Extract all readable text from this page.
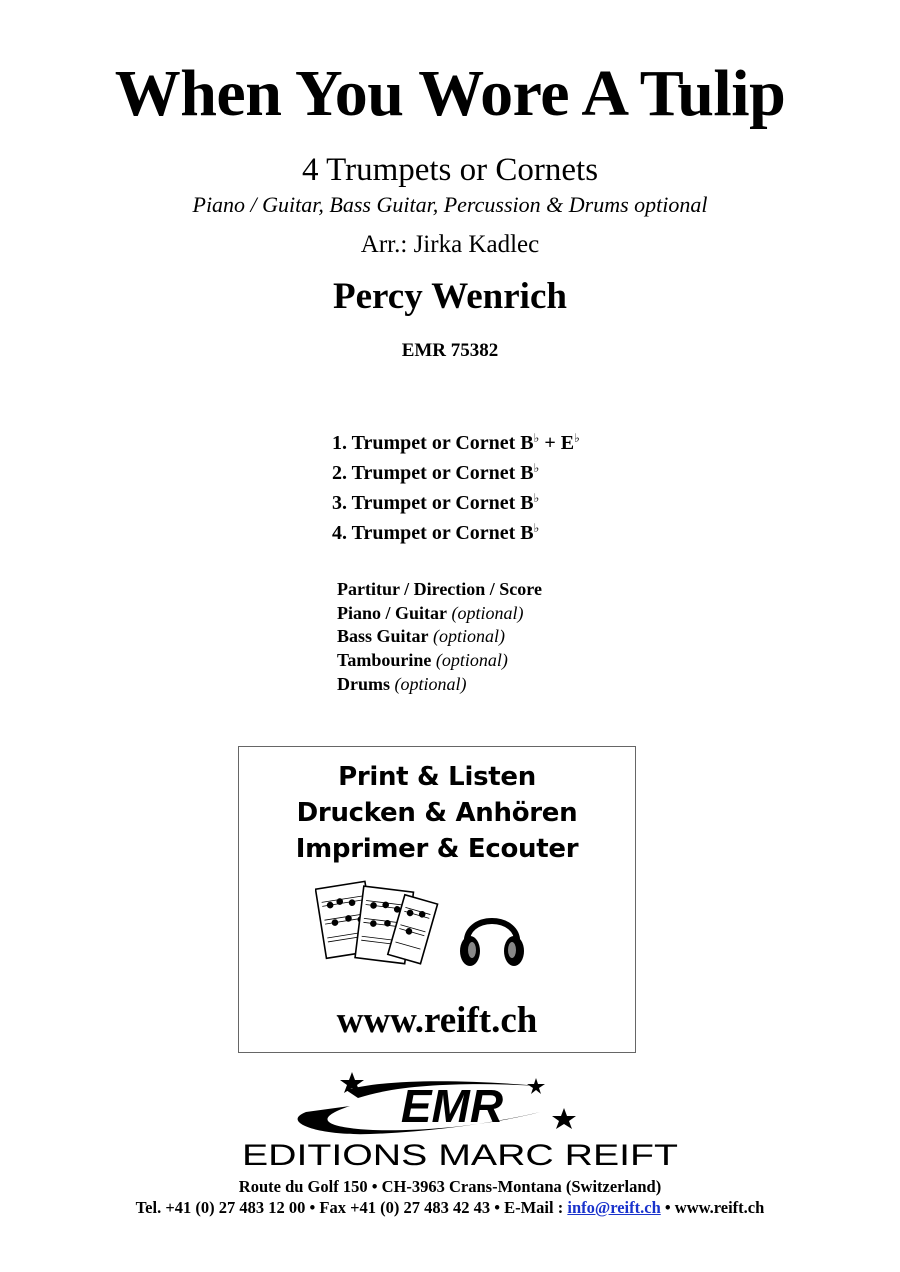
When You Wore A Tulip
4 Trumpets or Cornets
Piano / Guitar, Bass Guitar, Percussion & Drums optional
Arr.: Jirka Kadlec
Percy Wenrich
EMR 75382
1. Trumpet or Cornet B♭ + E♭
2. Trumpet or Cornet B♭
3. Trumpet or Cornet B♭
4. Trumpet or Cornet B♭
Partitur / Direction / Score
Piano / Guitar (optional)
Bass Guitar (optional)
Tambourine (optional)
Drums (optional)
Print & Listen
Drucken & Anhören
Imprimer & Ecouter
www.reift.ch
EMR
EDITIONS MARC REIFT
Route du Golf 150 • CH-3963 Crans-Montana (Switzerland)
Tel. +41 (0) 27 483 12 00 • Fax +41 (0) 27 483 42 43 • E-Mail : info@reift.ch • www.reift.ch
